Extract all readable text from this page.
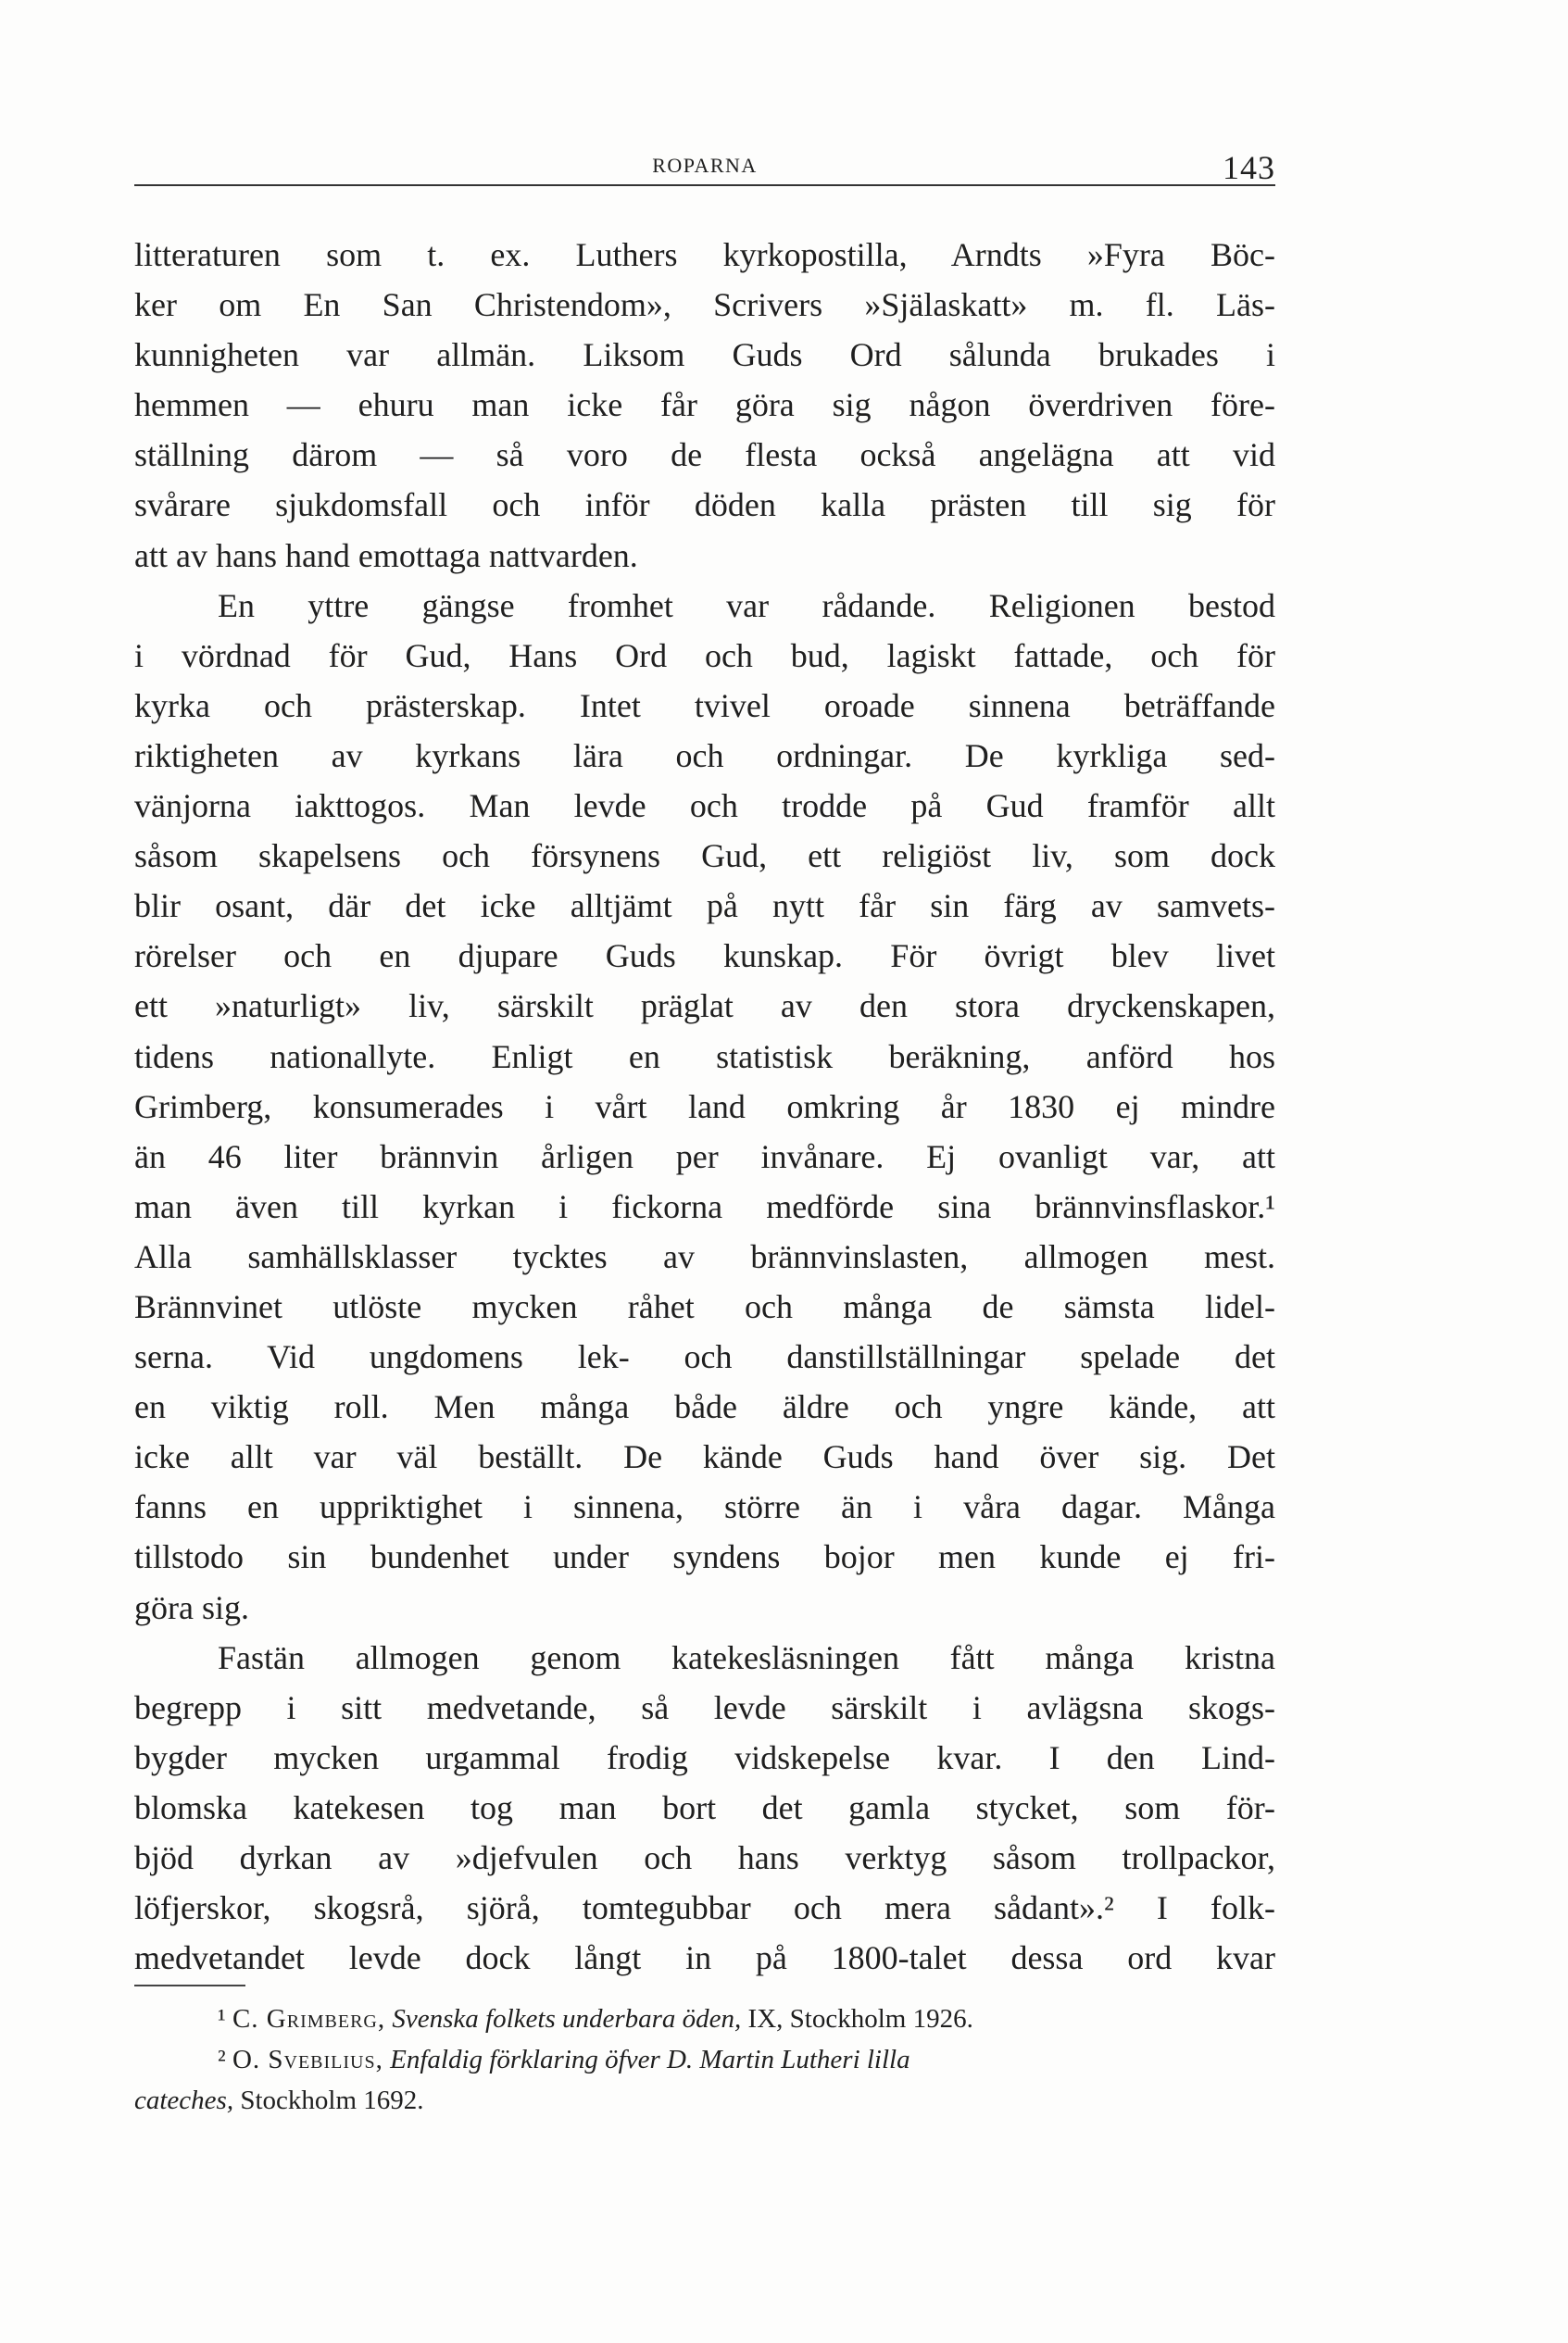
ROPARNA	143
litteraturen som t. ex. Luthers kyrkopostilla, Arndts »Fyra Böc-
ker om En San Christendom», Scrivers »Själaskatt» m. fl. Läs-
kunnigheten var allmän. Liksom Guds Ord sålunda brukades i
hemmen — ehuru man icke får göra sig någon överdriven före-
ställning därom — så voro de flesta också angelägna att vid
svårare sjukdomsfall och inför döden kalla prästen till sig för
att av hans hand emottaga nattvarden.
En yttre gängse fromhet var rådande. Religionen bestod
i vördnad för Gud, Hans Ord och bud, lagiskt fattade, och för
kyrka och prästerskap. Intet tvivel oroade sinnena beträffande
riktigheten av kyrkans lära och ordningar. De kyrkliga sed-
vänjorna iakttogos. Man levde och trodde på Gud framför allt
såsom skapelsens och försynens Gud, ett religiöst liv, som dock
blir osant, där det icke alltjämt på nytt får sin färg av samvets-
rörelser och en djupare Guds kunskap. För övrigt blev livet
ett »naturligt» liv, särskilt präglat av den stora dryckenskapen,
tidens nationallyte. Enligt en statistisk beräkning, anförd hos
Grimberg, konsumerades i vårt land omkring år 1830 ej mindre
än 46 liter brännvin årligen per invånare. Ej ovanligt var, att
man även till kyrkan i fickorna medförde sina brännvinsflaskor.¹
Alla samhällsklasser tycktes av brännvinslasten, allmogen mest.
Brännvinet utlöste mycken råhet och många de sämsta lidel-
serna. Vid ungdomens lek- och danstillställningar spelade det
en viktig roll. Men många både äldre och yngre kände, att
icke allt var väl beställt. De kände Guds hand över sig. Det
fanns en uppriktighet i sinnena, större än i våra dagar. Många
tillstodo sin bundenhet under syndens bojor men kunde ej fri-
göra sig.
Fastän allmogen genom katekesläsningen fått många kristna
begrepp i sitt medvetande, så levde särskilt i avlägsna skogs-
bygder mycken urgammal frodig vidskepelse kvar. I den Lind-
blomska katekesen tog man bort det gamla stycket, som för-
bjöd dyrkan av »djefvulen och hans verktyg såsom trollpackor,
löfjerskor, skogsrå, sjörå, tomtegubbar och mera sådant».² I folk-
medvetandet levde dock långt in på 1800-talet dessa ord kvar
¹ C. Grimberg, Svenska folkets underbara öden, IX, Stockholm 1926.
² O. Svebilius, Enfaldig förklaring öfver D. Martin Lutheri lilla
cateches, Stockholm 1692.
